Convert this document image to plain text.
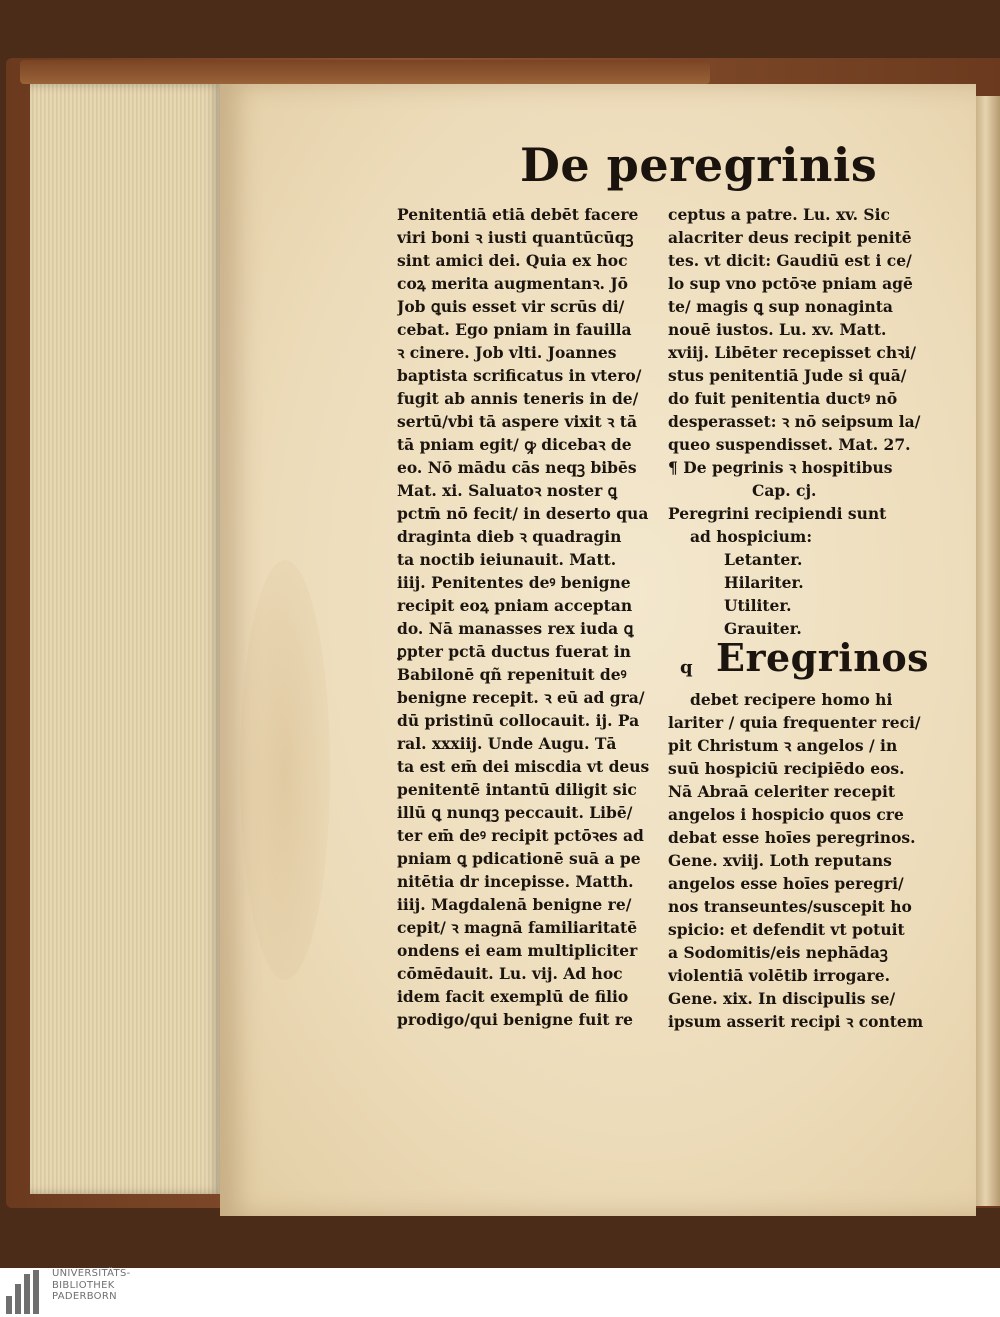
De peregrinis
Penitentiā etiā debēt facere
viri boni ꝛ iusti quantūcūqꝫ
sint amici dei. Quia ex hoc
coꝝ merita augmentanꝛ. Jō
Job ꝗuis esset vir scrūs di/
cebat. Ego pniam in fauilla
ꝛ cinere. Job vlti. Joannes
baptista scrificatus in vtero/
fugit ab annis teneris in de/
sertū/vbi tā aspere vixit ꝛ tā
tā pniam egit/ ꝙ dicebaꝛ de
eo. Nō mādu cās neqꝫ bibēs
Mat. xi. Saluatoꝛ noster ꝗ
pctm̄ nō fecit/ in deserto qua
draginta dieb ꝛ quadragin
ta noctib ieiunauit. Matt.
iiij. Penitentes deꝰ benigne
recipit eoꝝ pniam acceptan
do. Nā manasses rex iuda ꝗ
ꝑpter pctā ductus fuerat in
Babilonē qñ repenituit deꝰ
benigne recepit. ꝛ eū ad gra/
dū pristinū collocauit. ij. Pa
ral. xxxiij. Unde Augu. Tā
ta est em̄ dei miscdia vt deus
penitentē intantū diligit sic
illū ꝗ nunqꝫ peccauit. Libē/
ter em̄ deꝰ recipit pctōꝛes ad
pniam ꝗ pdicationē suā a pe
nitētia dr incepisse. Matth.
iiij. Magdalenā benigne re/
cepit/ ꝛ magnā familiaritatē
ondens ei eam multipliciter
cōmēdauit. Lu. vij. Ad hoc
idem facit exemplū de filio
prodigo/qui benigne fuit re
ceptus a patre. Lu. xv. Sic
alacriter deus recipit penitē
tes. vt dicit: Gaudiū est i ce/
lo sup vno pctōꝛe pniam agē
te/ magis ꝗ sup nonaginta
nouē iustos. Lu. xv. Matt.
xviij. Libēter recepisset chꝛi/
stus penitentiā Jude si quā/
do fuit penitentia ductꝰ nō
desperasset: ꝛ nō seipsum la/
queo suspendisset. Mat. 27.
¶ De pegrinis ꝛ hospitibus
Cap. cj.
Peregrini recipiendi sunt
ad hospicium:
Letanter.
Hilariter.
Utiliter.
Grauiter.
q Eregrinos
debet recipere homo hi
lariter / quia frequenter reci/
pit Christum ꝛ angelos / in
suū hospiciū recipiēdo eos.
Nā Abraā celeriter recepit
angelos i hospicio quos cre
debat esse hoīes peregrinos.
Gene. xviij. Loth reputans
angelos esse hoīes peregri/
nos transeuntes/suscepit ho
spicio: et defendit vt potuit
a Sodomitis/eis nephādaꝫ
violentiā volētib irrogare.
Gene. xix. In discipulis se/
ipsum asserit recipi ꝛ contem
UNIVERSITÄTS-
BIBLIOTHEK
PADERBORN
